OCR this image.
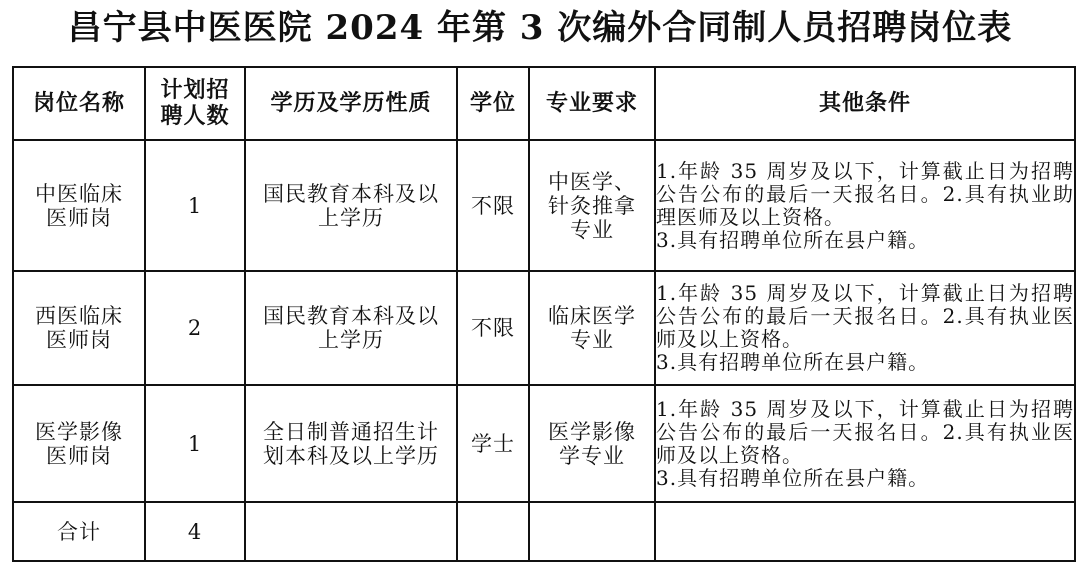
昌宁县中医医院 2024 年第 3 次编外合同制人员招聘岗位表
岗位名称	计划招聘人数	学历及学历性质	学位	专业要求	其他条件

中医临床医师岗	1	国民教育本科及以上学历	不限	中医学、针灸推拿专业	1.年龄 35 周岁及以下，计算截止日为招聘公告公布的最后一天报名日。2.具有执业助理医师及以上资格。
3.具有招聘单位所在县户籍。

西医临床医师岗	2	国民教育本科及以上学历	不限	临床医学专业	1.年龄 35 周岁及以下，计算截止日为招聘公告公布的最后一天报名日。2.具有执业医师及以上资格。
3.具有招聘单位所在县户籍。

医学影像医师岗	1	全日制普通招生计划本科及以上学历	学士	医学影像学专业	1.年龄 35 周岁及以下，计算截止日为招聘公告公布的最后一天报名日。2.具有执业医师及以上资格。
3.具有招聘单位所在县户籍。

合计	4				
